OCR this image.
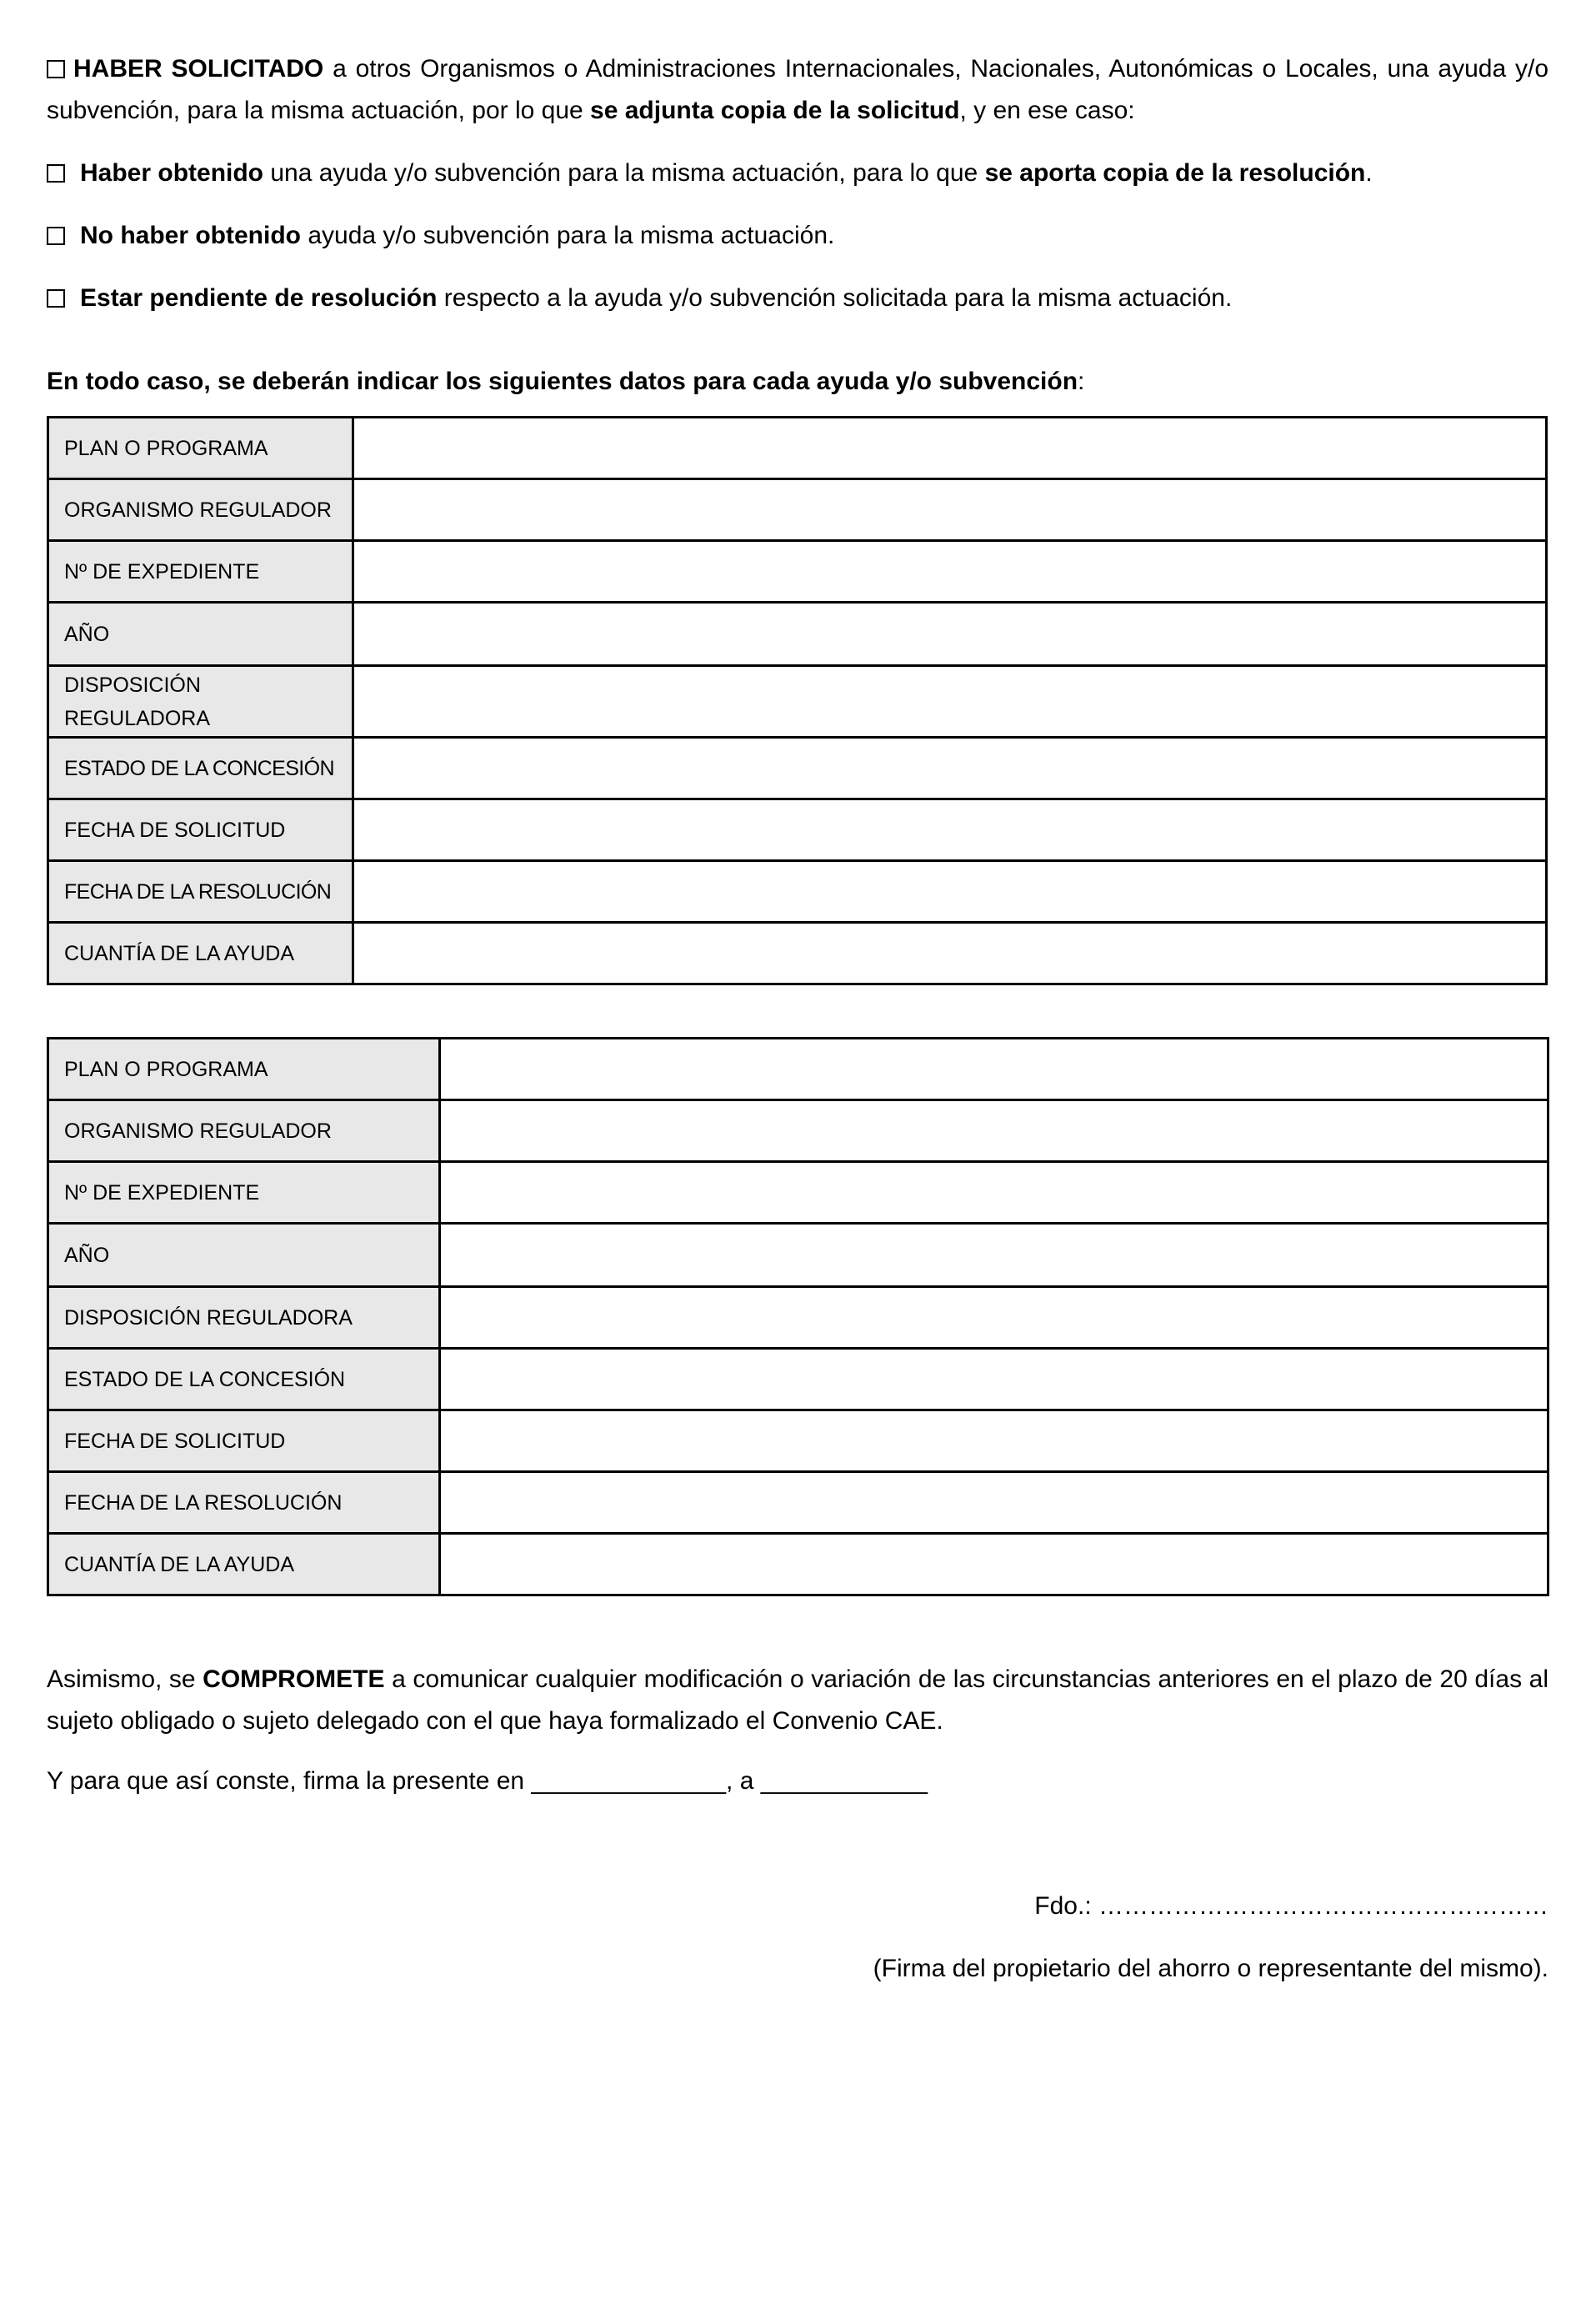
HABER SOLICITADO a otros Organismos o Administraciones Internacionales, Nacionales, Autonómicas o Locales, una ayuda y/o subvención, para la misma actuación, por lo que se adjunta copia de la solicitud, y en ese caso:

Haber obtenido una ayuda y/o subvención para la misma actuación, para lo que se aporta copia de la resolución.

No haber obtenido ayuda y/o subvención para la misma actuación.

Estar pendiente de resolución respecto a la ayuda y/o subvención solicitada para la misma actuación.

En todo caso, se deberán indicar los siguientes datos para cada ayuda y/o subvención:

PLAN O PROGRAMA	
ORGANISMO REGULADOR	
Nº DE EXPEDIENTE	
AÑO	
DISPOSICIÓN REGULADORA	
ESTADO DE LA CONCESIÓN	
FECHA DE SOLICITUD	
FECHA DE LA RESOLUCIÓN	
CUANTÍA DE LA AYUDA	
PLAN O PROGRAMA	
ORGANISMO REGULADOR	
Nº DE EXPEDIENTE	
AÑO	
DISPOSICIÓN REGULADORA	
ESTADO DE LA CONCESIÓN	
FECHA DE SOLICITUD	
FECHA DE LA RESOLUCIÓN	
CUANTÍA DE LA AYUDA	

Asimismo, se COMPROMETE a comunicar cualquier modificación o variación de las circunstancias anteriores en el plazo de 20 días al sujeto obligado o sujeto delegado con el que haya formalizado el Convenio CAE.

Y para que así conste, firma la presente en ______________, a ____________

Fdo.: ………………………………………………

(Firma del propietario del ahorro o representante del mismo).
